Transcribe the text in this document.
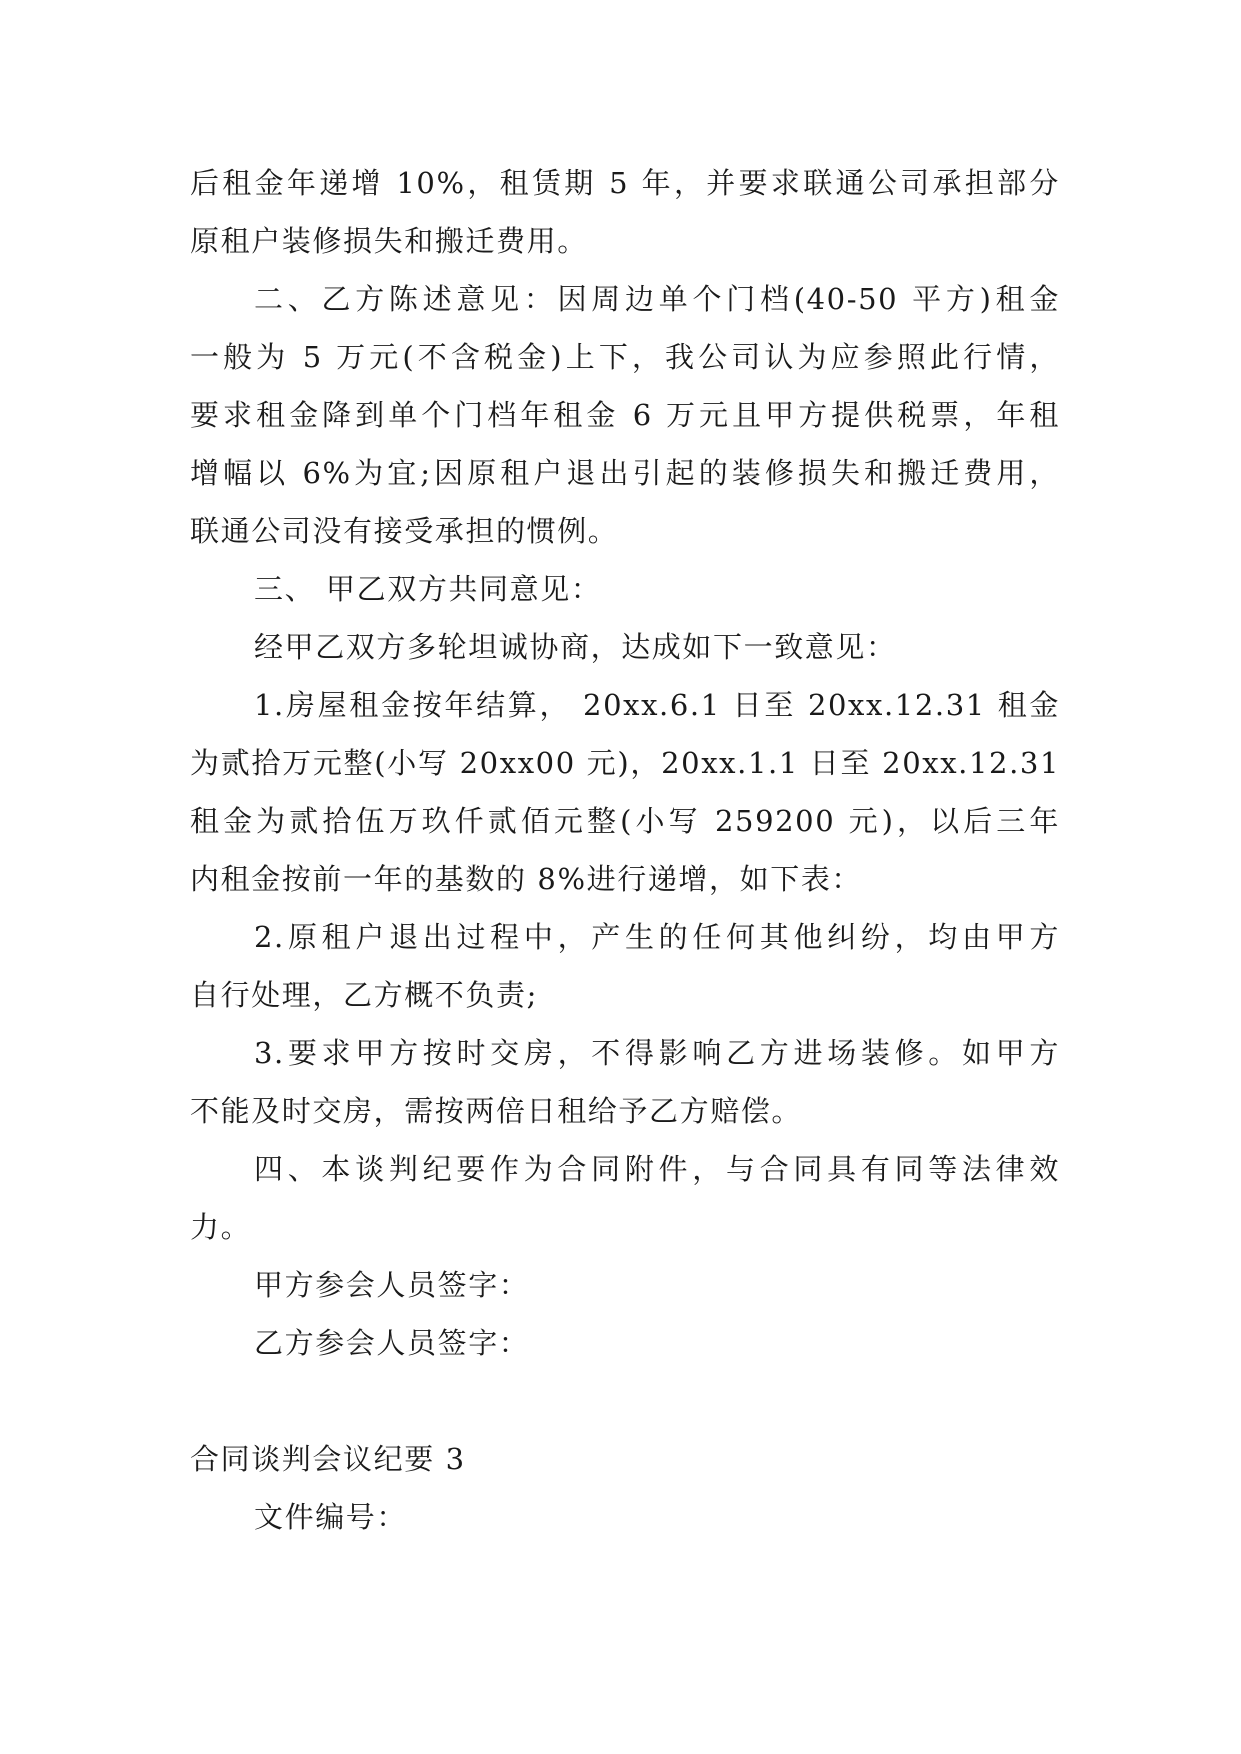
后租金年递增 10%，租赁期 5 年，并要求联通公司承担部分
原租户装修损失和搬迁费用。
二、乙方陈述意见：因周边单个门档(40-50 平方)租金
一般为 5 万元(不含税金)上下，我公司认为应参照此行情，
要求租金降到单个门档年租金 6 万元且甲方提供税票，年租
增幅以 6%为宜;因原租户退出引起的装修损失和搬迁费用，
联通公司没有接受承担的惯例。
三、 甲乙双方共同意见：
经甲乙双方多轮坦诚协商，达成如下一致意见：
1.房屋租金按年结算， 20xx.6.1 日至 20xx.12.31 租金
为贰拾万元整(小写 20xx00 元)，20xx.1.1 日至 20xx.12.31
租金为贰拾伍万玖仟贰佰元整(小写 259200 元)，以后三年
内租金按前一年的基数的 8%进行递增，如下表：
2.原租户退出过程中，产生的任何其他纠纷，均由甲方
自行处理，乙方概不负责;
3.要求甲方按时交房，不得影响乙方进场装修。如甲方
不能及时交房，需按两倍日租给予乙方赔偿。
四、本谈判纪要作为合同附件，与合同具有同等法律效
力。
甲方参会人员签字：
乙方参会人员签字：
合同谈判会议纪要 3
文件编号：
